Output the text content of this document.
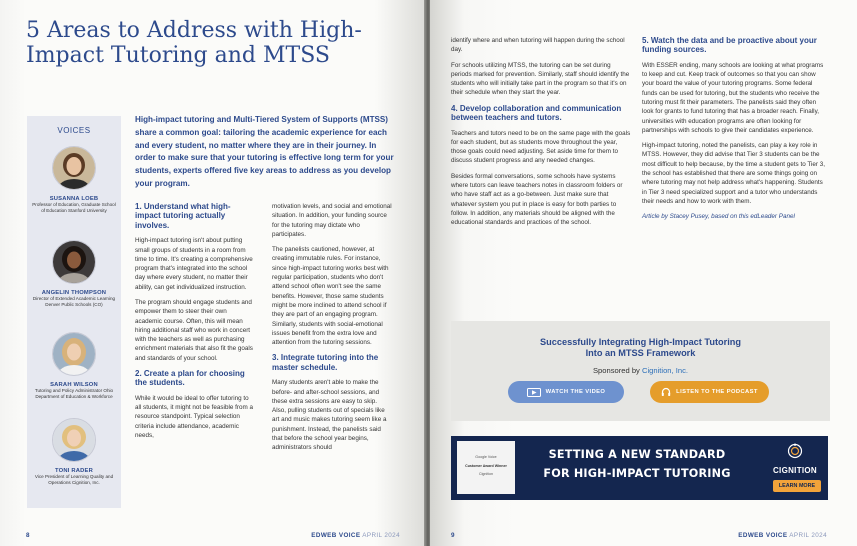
5 Areas to Address with High-Impact Tutoring and MTSS
VOICES
SUSANNA LOEB
Professor of Education, Graduate School of Education Stanford University
ANGELIN THOMPSON
Director of Extended Academic Learning Denver Public Schools (CO)
SARAH WILSON
Tutoring and Policy Administrator Ohio Department of Education & Workforce
TONI RADER
Vice President of Learning Quality and Operations Cignition, Inc.

High-impact tutoring and Multi-Tiered System of Supports (MTSS) share a common goal: tailoring the academic experience for each and every student, no matter where they are in their journey. In order to make sure that your tutoring is effective long term for your students, experts offered five key areas to address as you develop your program.

1. Understand what high-impact tutoring actually involves.

High-impact tutoring isn't about putting small groups of students in a room from time to time. It's creating a comprehensive program that's integrated into the school day where every student, no matter their ability, can get individualized instruction.

The program should engage students and empower them to steer their own academic course. Often, this will mean hiring additional staff who work in concert with the teachers as well as purchasing enrichment materials that also fit the goals and standards of your school.

2. Create a plan for choosing the students.

While it would be ideal to offer tutoring to all students, it might not be feasible from a resource standpoint. Typical selection criteria include attendance, academic needs,

motivation levels, and social and emotional situation. In addition, your funding source for the tutoring may dictate who participates.

The panelists cautioned, however, at creating immutable rules. For instance, since high-impact tutoring works best with regular participation, students who don't attend school often won't see the same benefits. However, those same students might be more inclined to attend school if they are part of an engaging program. Similarly, students with social-emotional issues benefit from the extra love and attention from the tutoring sessions.

3. Integrate tutoring into the master schedule.

Many students aren't able to make the before- and after-school sessions, and these extra sessions are easy to skip. Also, pulling students out of specials like art and music makes tutoring seem like a punishment. Instead, the panelists said that before the school year begins, administrators should

8	EDWEB VOICE APRIL 2024

identify where and when tutoring will happen during the school day.

For schools utilizing MTSS, the tutoring can be set during periods marked for prevention. Similarly, staff should identify the students who will initially take part in the program so that it's on their schedule when they start the year.

4. Develop collaboration and communication between teachers and tutors.

Teachers and tutors need to be on the same page with the goals for each student, but as students move throughout the year, those goals could need adjusting. Set aside time for them to discuss student progress and any needed changes.

Besides formal conversations, some schools have systems where tutors can leave teachers notes in classroom folders or who have staff act as a go-between. Just make sure that whatever system you put in place is easy for both parties to follow. In addition, any materials should be aligned with the educational standards and practices of the school.

5. Watch the data and be proactive about your funding sources.

With ESSER ending, many schools are looking at what programs to keep and cut. Keep track of outcomes so that you can show your board the value of your tutoring programs. Some federal funds can be used for tutoring, but the students who receive the tutoring must fit their parameters. The panelists said they often look for grants to fund tutoring that has a broader reach. Finally, universities with education programs are often looking for partnerships with schools to give their candidates experience.

High-impact tutoring, noted the panelists, can play a key role in MTSS. However, they did advise that Tier 3 students can be the most difficult to help because, by the time a student gets to Tier 3, the school has established that there are some things going on where tutoring may not help address what's happening. Students in Tier 3 need specialized support and a tutor who understands their needs and how to work with them.

Article by Stacey Pusey, based on this edLeader Panel

Successfully Integrating High-Impact Tutoring
Into an MTSS Framework
Sponsored by Cignition, Inc.
WATCH THE VIDEO	LISTEN TO THE PODCAST
Google Voice
Customer Award Winner
Cignition
SETTING A NEW STANDARD
FOR HIGH-IMPACT TUTORING	CIGNITION
LEARN MORE
9	EDWEB VOICE APRIL 2024
